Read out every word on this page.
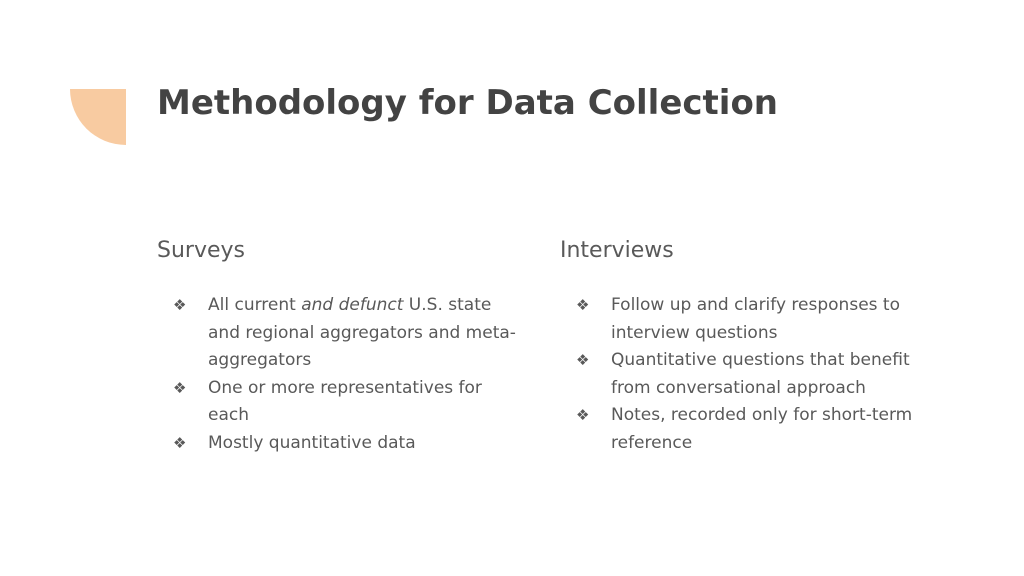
Methodology for Data Collection
Surveys
❖ All current and defunct U.S. state and regional aggregators and meta-aggregators
❖ One or more representatives for each
❖ Mostly quantitative data
Interviews
❖ Follow up and clarify responses to interview questions
❖ Quantitative questions that benefit from conversational approach
❖ Notes, recorded only for short-term reference
